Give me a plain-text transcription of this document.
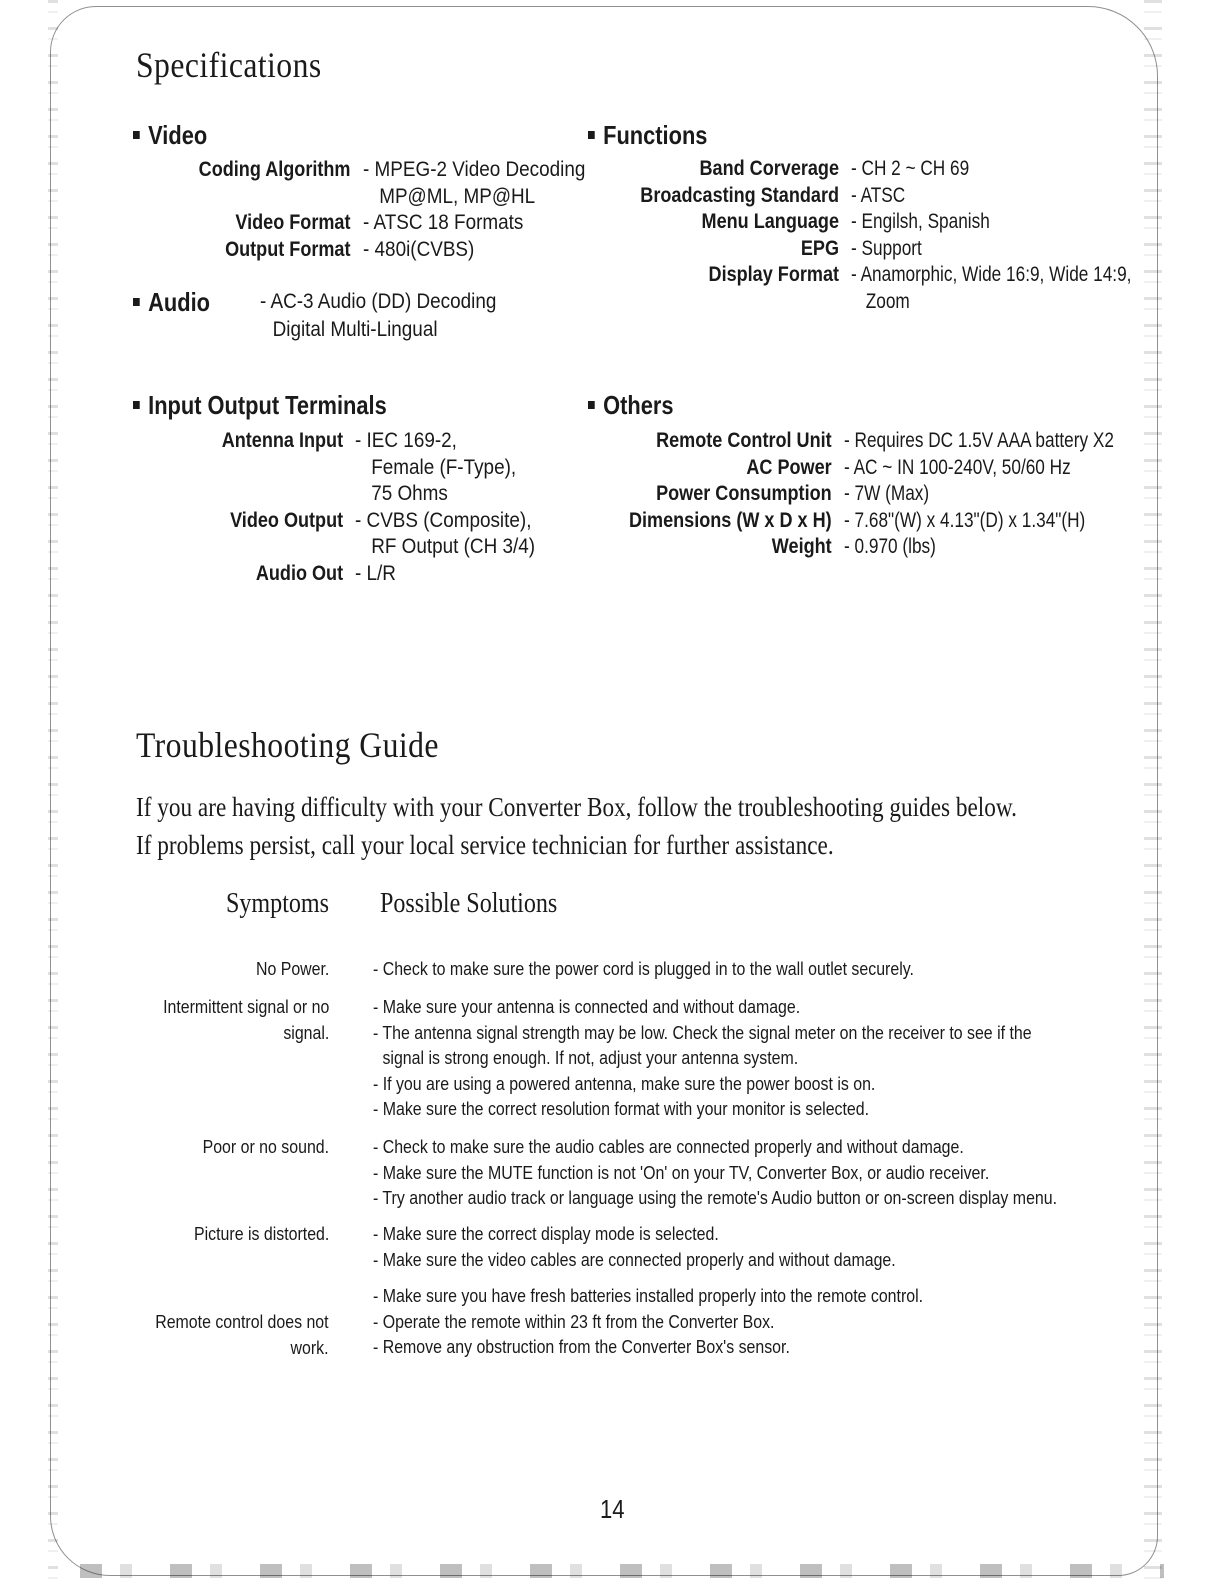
Specifications
Video
Coding Algorithm	- MPEG-2 Video Decoding
MP@ML, MP@HL

Video Format	- ATSC 18 Formats

Output Format	- 480i(CVBS)
Audio - AC-3 Audio (DD) Decoding
Digital Multi-Lingual
Functions
Band Corverage	- CH 2 ~ CH 69

Broadcasting Standard	- ATSC

Menu Language	- Engilsh, Spanish

EPG	- Support

Display Format	- Anamorphic, Wide 16:9, Wide 14:9,
Zoom
Input Output Terminals
Antenna Input	- IEC 169-2,
Female (F-Type),
75 Ohms

Video Output	- CVBS (Composite),
RF Output (CH 3/4)

Audio Out	- L/R
Others
Remote Control Unit	- Requires DC 1.5V AAA battery X2

AC Power	- AC ~ IN 100-240V, 50/60 Hz

Power Consumption	- 7W (Max)

Dimensions (W x D x H)	- 7.68"(W) x 4.13"(D) x 1.34"(H)

Weight	- 0.970 (lbs)
Troubleshooting Guide
If you are having difficulty with your Converter Box, follow the troubleshooting guides below.
If problems persist, call your local service technician for further assistance.
Symptoms Possible Solutions
No Power. - Check to make sure the power cord is plugged in to the wall outlet securely.
Intermittent signal or no
signal.
- Make sure your antenna is connected and without damage.
- The antenna signal strength may be low. Check the signal meter on the receiver to see if the
signal is strong enough. If not, adjust your antenna system.
- If you are using a powered antenna, make sure the power boost is on.
- Make sure the correct resolution format with your monitor is selected.
Poor or no sound. - Check to make sure the audio cables are connected properly and without damage.
- Make sure the MUTE function is not 'On' on your TV, Converter Box, or audio receiver.
- Try another audio track or language using the remote's Audio button or on-screen display menu.
Picture is distorted. - Make sure the correct display mode is selected.
- Make sure the video cables are connected properly and without damage.
Remote control does not
work.
- Make sure you have fresh batteries installed properly into the remote control.
- Operate the remote within 23 ft from the Converter Box.
- Remove any obstruction from the Converter Box's sensor.
14
